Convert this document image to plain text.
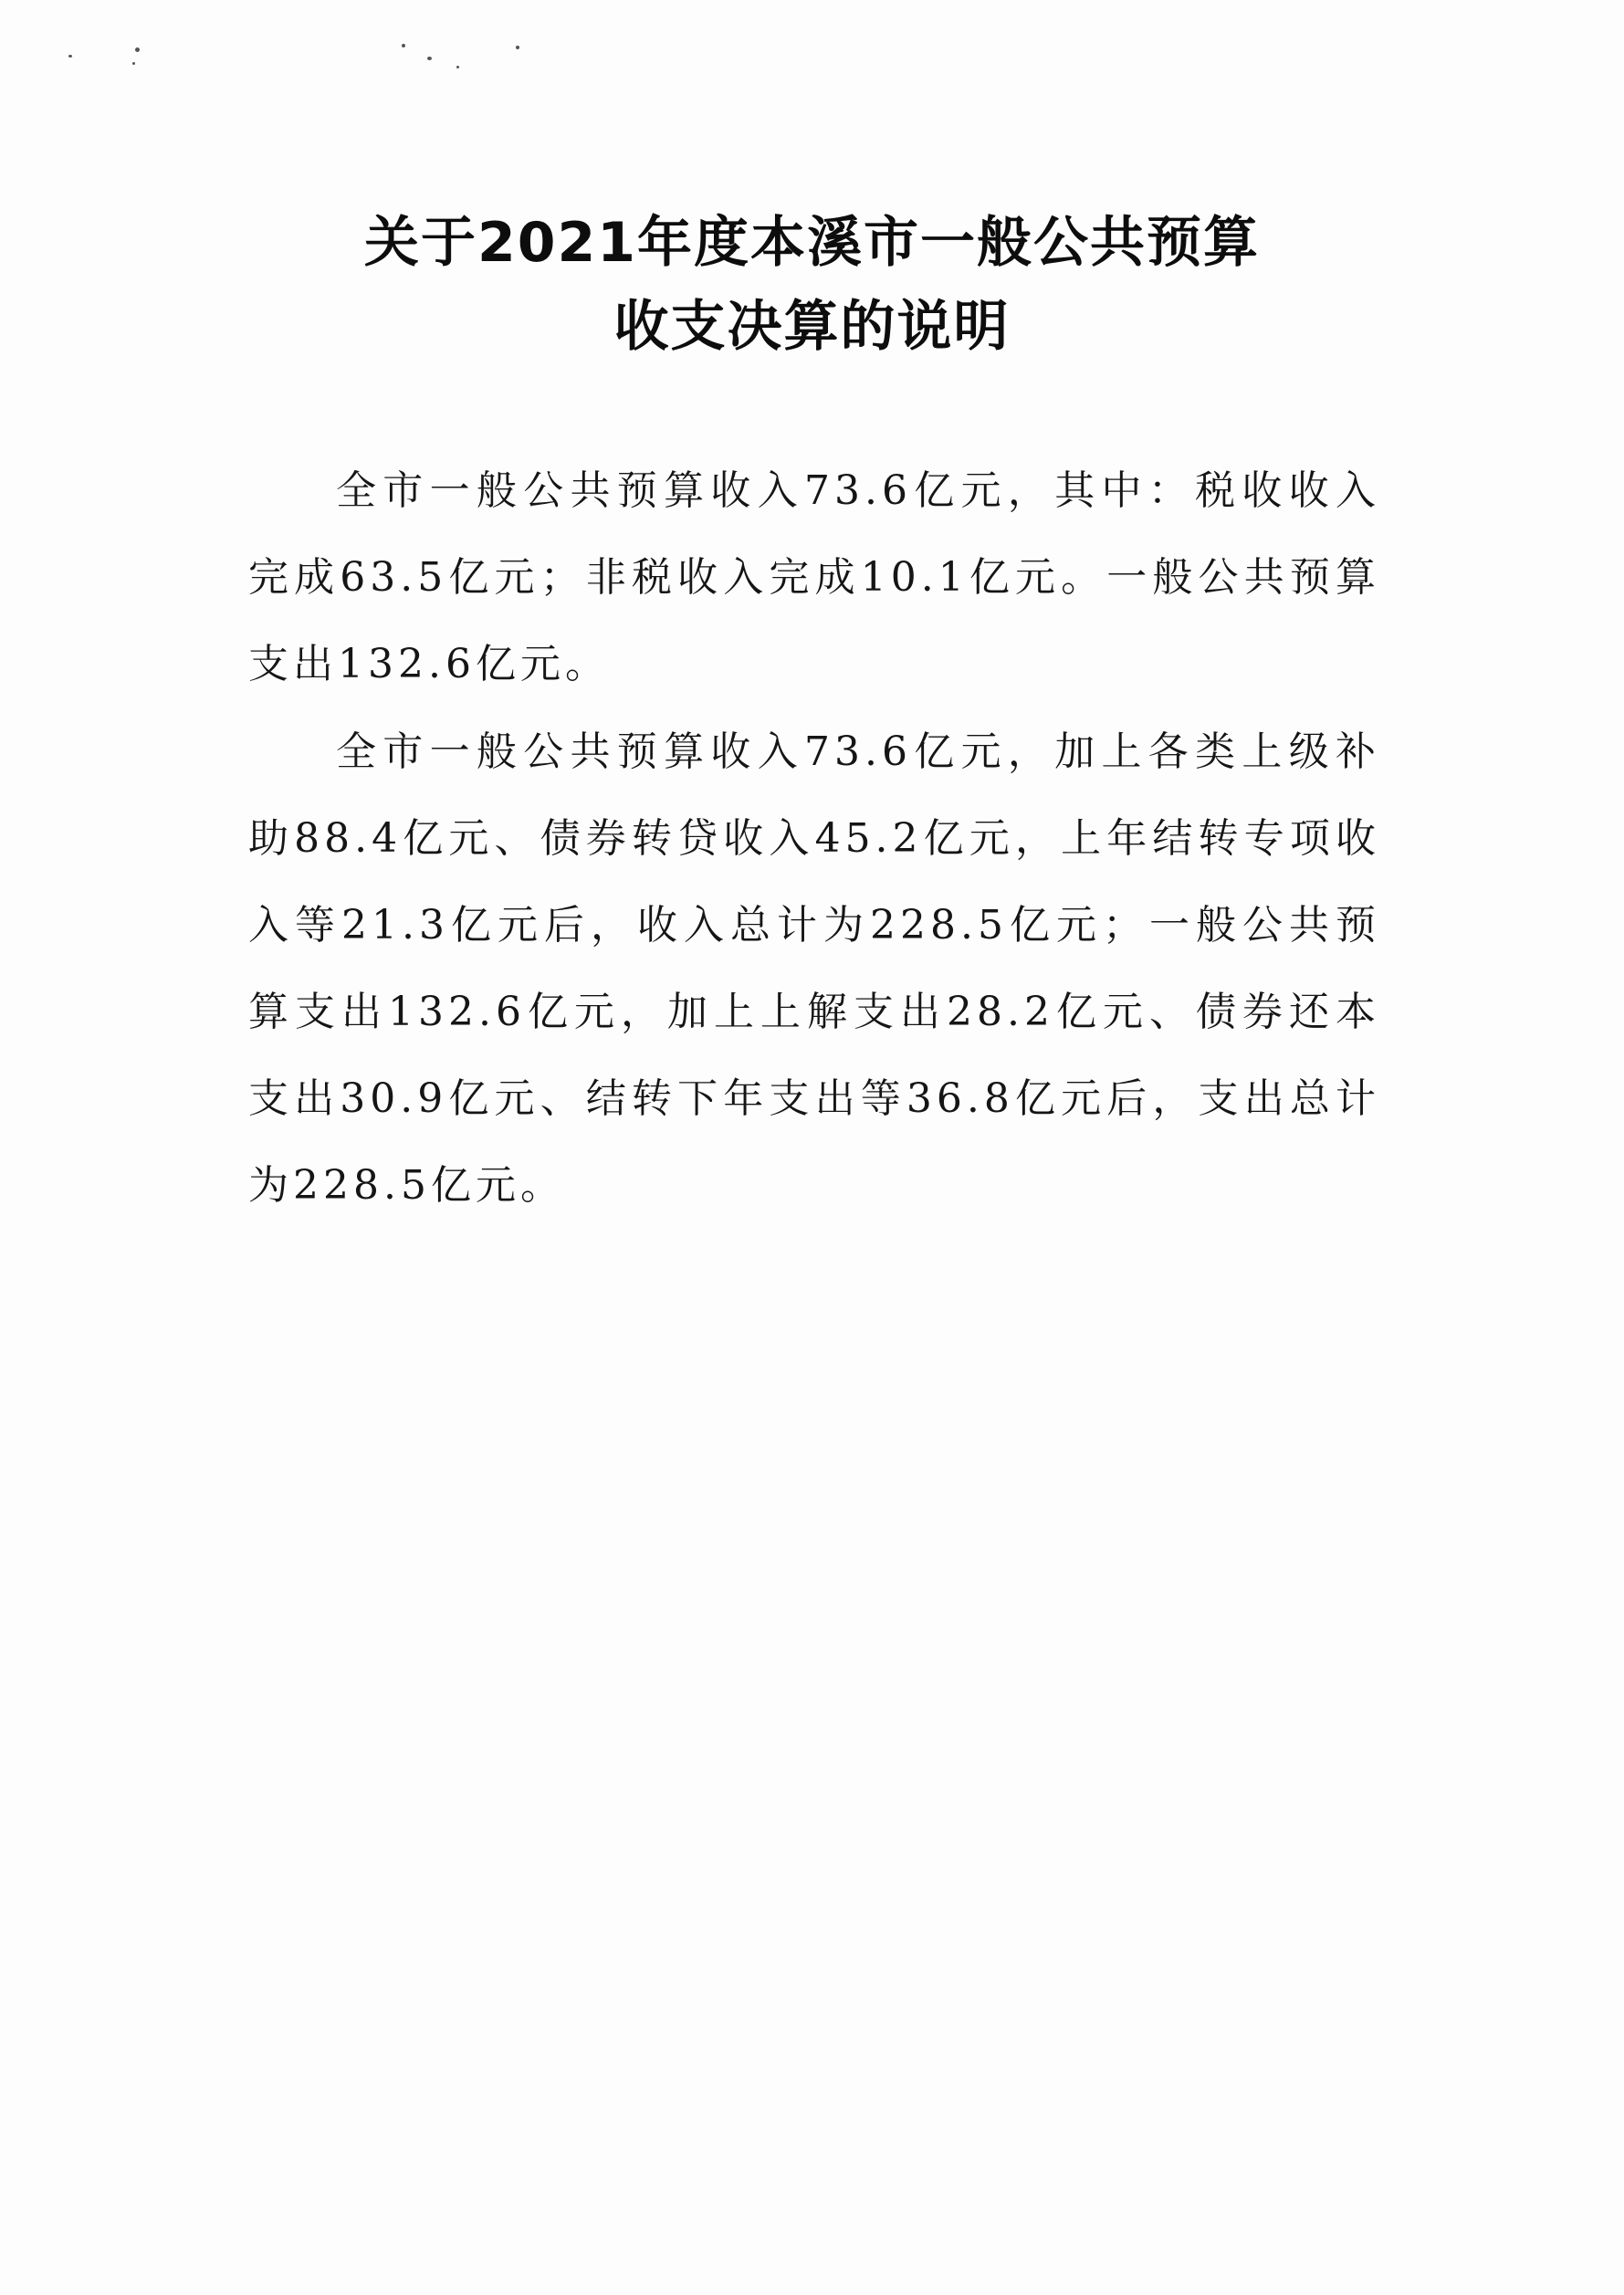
关于2021年度本溪市一般公共预算
收支决算的说明

全市一般公共预算收入73.6亿元，其中：税收收入完成63.5亿元；非税收入完成10.1亿元。一般公共预算支出132.6亿元。

全市一般公共预算收入73.6亿元，加上各类上级补助88.4亿元、债券转贷收入45.2亿元，上年结转专项收入等21.3亿元后，收入总计为228.5亿元；一般公共预算支出132.6亿元，加上上解支出28.2亿元、债券还本支出30.9亿元、结转下年支出等36.8亿元后，支出总计为228.5亿元。
